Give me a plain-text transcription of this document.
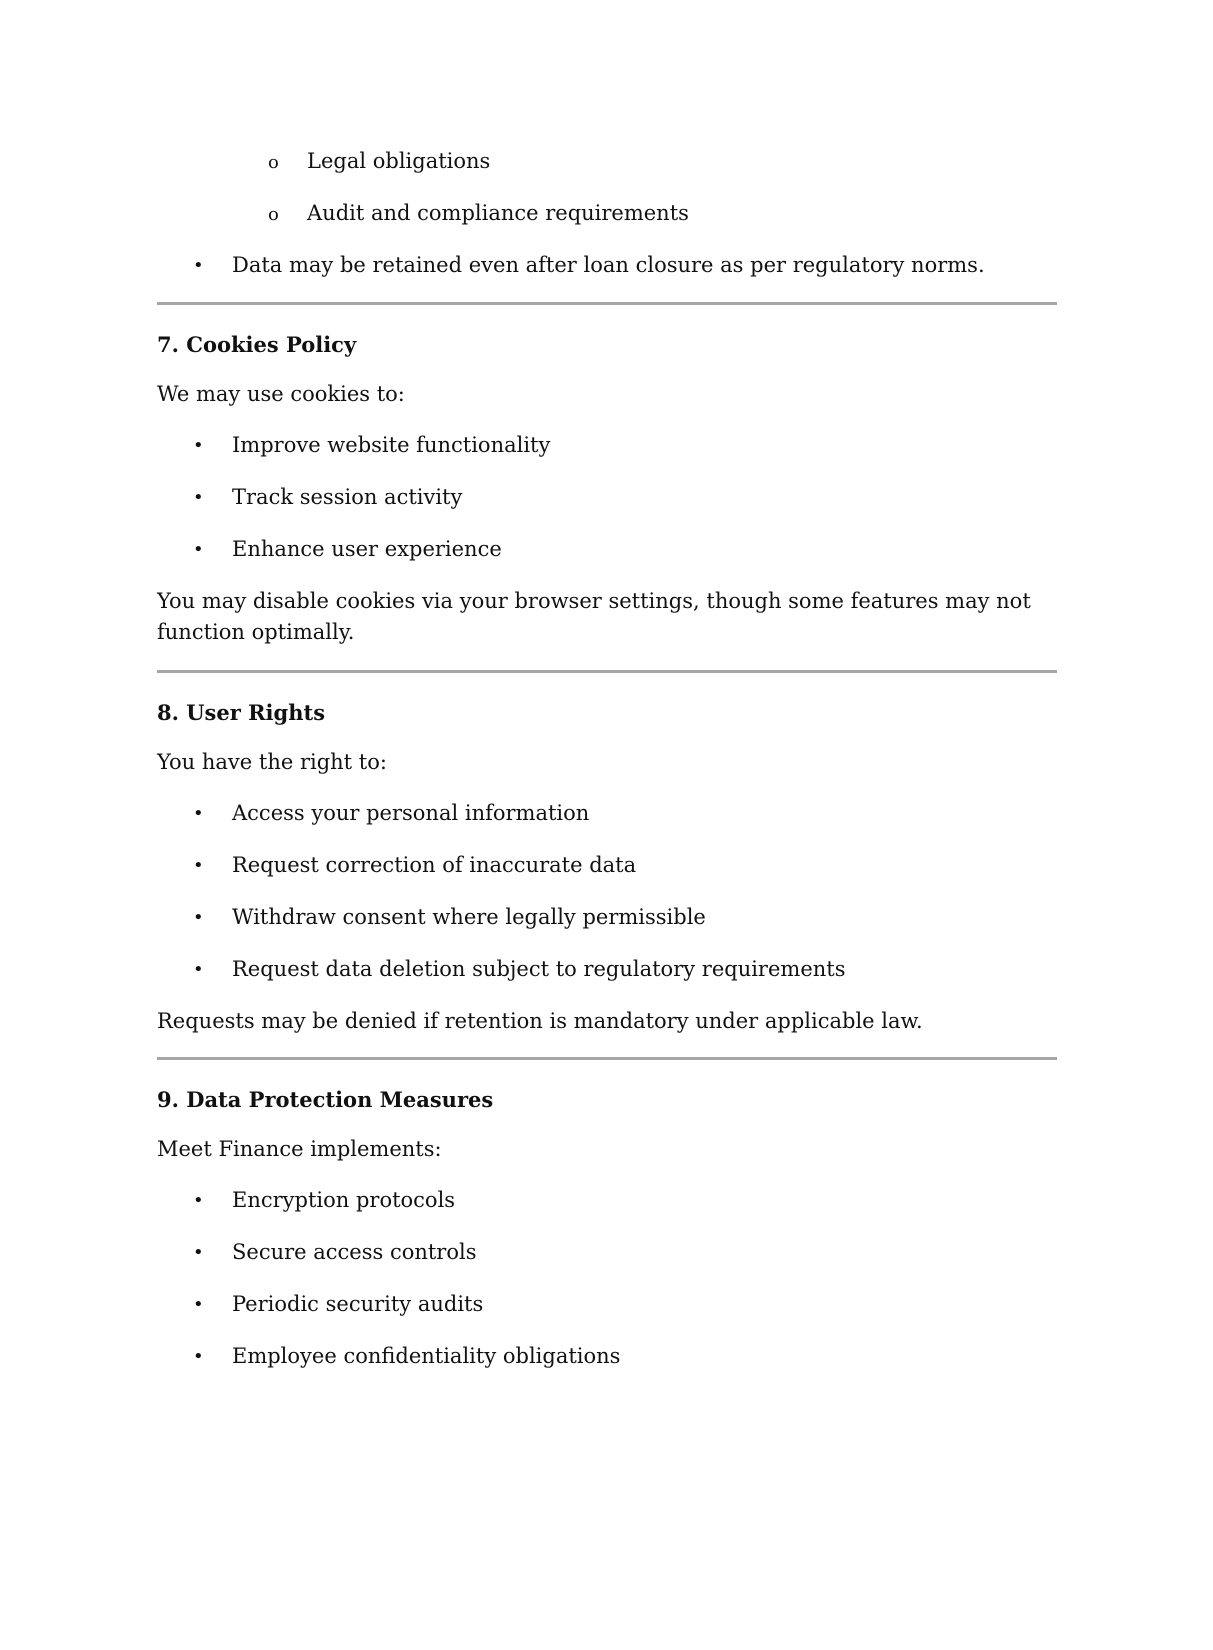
o Legal obligations
o Audit and compliance requirements
• Data may be retained even after loan closure as per regulatory norms.
7. Cookies Policy
We may use cookies to:
• Improve website functionality
• Track session activity
• Enhance user experience
You may disable cookies via your browser settings, though some features may not function optimally.
8. User Rights
You have the right to:
• Access your personal information
• Request correction of inaccurate data
• Withdraw consent where legally permissible
• Request data deletion subject to regulatory requirements
Requests may be denied if retention is mandatory under applicable law.
9. Data Protection Measures
Meet Finance implements:
• Encryption protocols
• Secure access controls
• Periodic security audits
• Employee confidentiality obligations
